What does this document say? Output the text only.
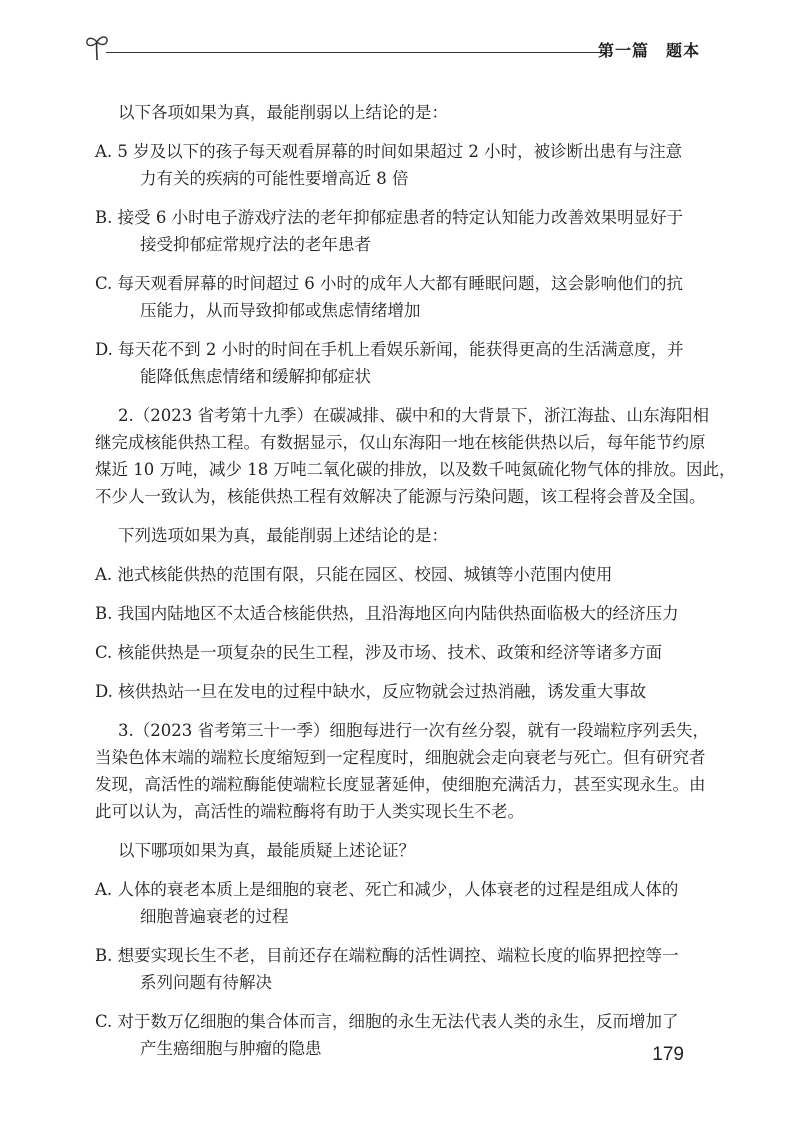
第一篇　题本
以下各项如果为真，最能削弱以上结论的是：
A. 5 岁及以下的孩子每天观看屏幕的时间如果超过 2 小时，被诊断出患有与注意
力有关的疾病的可能性要增高近 8 倍
B. 接受 6 小时电子游戏疗法的老年抑郁症患者的特定认知能力改善效果明显好于
接受抑郁症常规疗法的老年患者
C. 每天观看屏幕的时间超过 6 小时的成年人大都有睡眠问题，这会影响他们的抗
压能力，从而导致抑郁或焦虑情绪增加
D. 每天花不到 2 小时的时间在手机上看娱乐新闻，能获得更高的生活满意度，并
能降低焦虑情绪和缓解抑郁症状
2.（2023 省考第十九季）在碳减排、碳中和的大背景下，浙江海盐、山东海阳相
继完成核能供热工程。有数据显示，仅山东海阳一地在核能供热以后，每年能节约原
煤近 10 万吨，减少 18 万吨二氧化碳的排放，以及数千吨氮硫化物气体的排放。因此，
不少人一致认为，核能供热工程有效解决了能源与污染问题，该工程将会普及全国。
下列选项如果为真，最能削弱上述结论的是：
A. 池式核能供热的范围有限，只能在园区、校园、城镇等小范围内使用
B. 我国内陆地区不太适合核能供热，且沿海地区向内陆供热面临极大的经济压力
C. 核能供热是一项复杂的民生工程，涉及市场、技术、政策和经济等诸多方面
D. 核供热站一旦在发电的过程中缺水，反应物就会过热消融，诱发重大事故
3.（2023 省考第三十一季）细胞每进行一次有丝分裂，就有一段端粒序列丢失，
当染色体末端的端粒长度缩短到一定程度时，细胞就会走向衰老与死亡。但有研究者
发现，高活性的端粒酶能使端粒长度显著延伸，使细胞充满活力，甚至实现永生。由
此可以认为，高活性的端粒酶将有助于人类实现长生不老。
以下哪项如果为真，最能质疑上述论证？
A. 人体的衰老本质上是细胞的衰老、死亡和减少，人体衰老的过程是组成人体的
细胞普遍衰老的过程
B. 想要实现长生不老，目前还存在端粒酶的活性调控、端粒长度的临界把控等一
系列问题有待解决
C. 对于数万亿细胞的集合体而言，细胞的永生无法代表人类的永生，反而增加了
产生癌细胞与肿瘤的隐患	179
